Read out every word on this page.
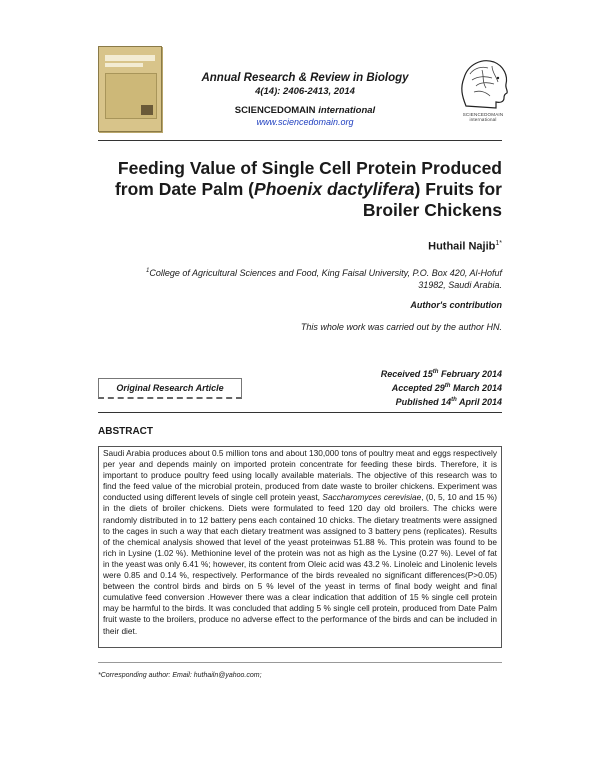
Annual Research & Review in Biology
4(14): 2406-2413, 2014
SCIENCEDOMAIN international
www.sciencedomain.org
SCIENCEDOMAIN international
Feeding Value of Single Cell Protein Produced
from Date Palm (Phoenix dactylifera) Fruits for
Broiler Chickens
Huthail Najib$^{1*}$
$^1$College of Agricultural Sciences and Food, King Faisal University, P.O. Box 420, Al-Hofuf
31982, Saudi Arabia.
Author's contribution
This whole work was carried out by the author HN.
Original Research Article
Received 15th February 2014
Accepted 29th March 2014
Published 14th April 2014
ABSTRACT
Saudi Arabia produces about 0.5 million tons and about 130,000 tons of poultry meat and eggs respectively per year and depends mainly on imported protein concentrate for feeding these birds. Therefore, it is important to produce poultry feed using locally available materials. The objective of this research was to find the feed value of the microbial protein, produced from date waste to broiler chickens. Experiment was conducted using different levels of single cell protein yeast, Saccharomyces cerevisiae, (0, 5, 10 and 15 %) in the diets of broiler chickens. Diets were formulated to feed 120 day old broilers. The chicks were randomly distributed in to 12 battery pens each contained 10 chicks. The dietary treatments were assigned to the cages in such a way that each dietary treatment was assigned to 3 battery pens (replicates). Results of the chemical analysis showed that level of the yeast proteinwas 51.88 %. This protein was found to be rich in Lysine (1.02 %). Methionine level of the protein was not as high as the Lysine (0.27 %). Level of fat in the yeast was only 6.41 %; however, its content from Oleic acid was 43.2 %. Linoleic and Linolenic levels were 0.85 and 0.14 %, respectively. Performance of the birds revealed no significant differences(P>0.05) between the control birds and birds on 5 % level of the yeast in terms of final body weight and final cumulative feed conversion .However there was a clear indication that addition of 15 % single cell protein may be harmful to the birds. It was concluded that adding 5 % single cell protein, produced from Date Palm fruit waste to the broilers, produce no adverse effect to the performance of the birds and can be included in their diet.
*Corresponding author: Email: huthailn@yahoo.com;
